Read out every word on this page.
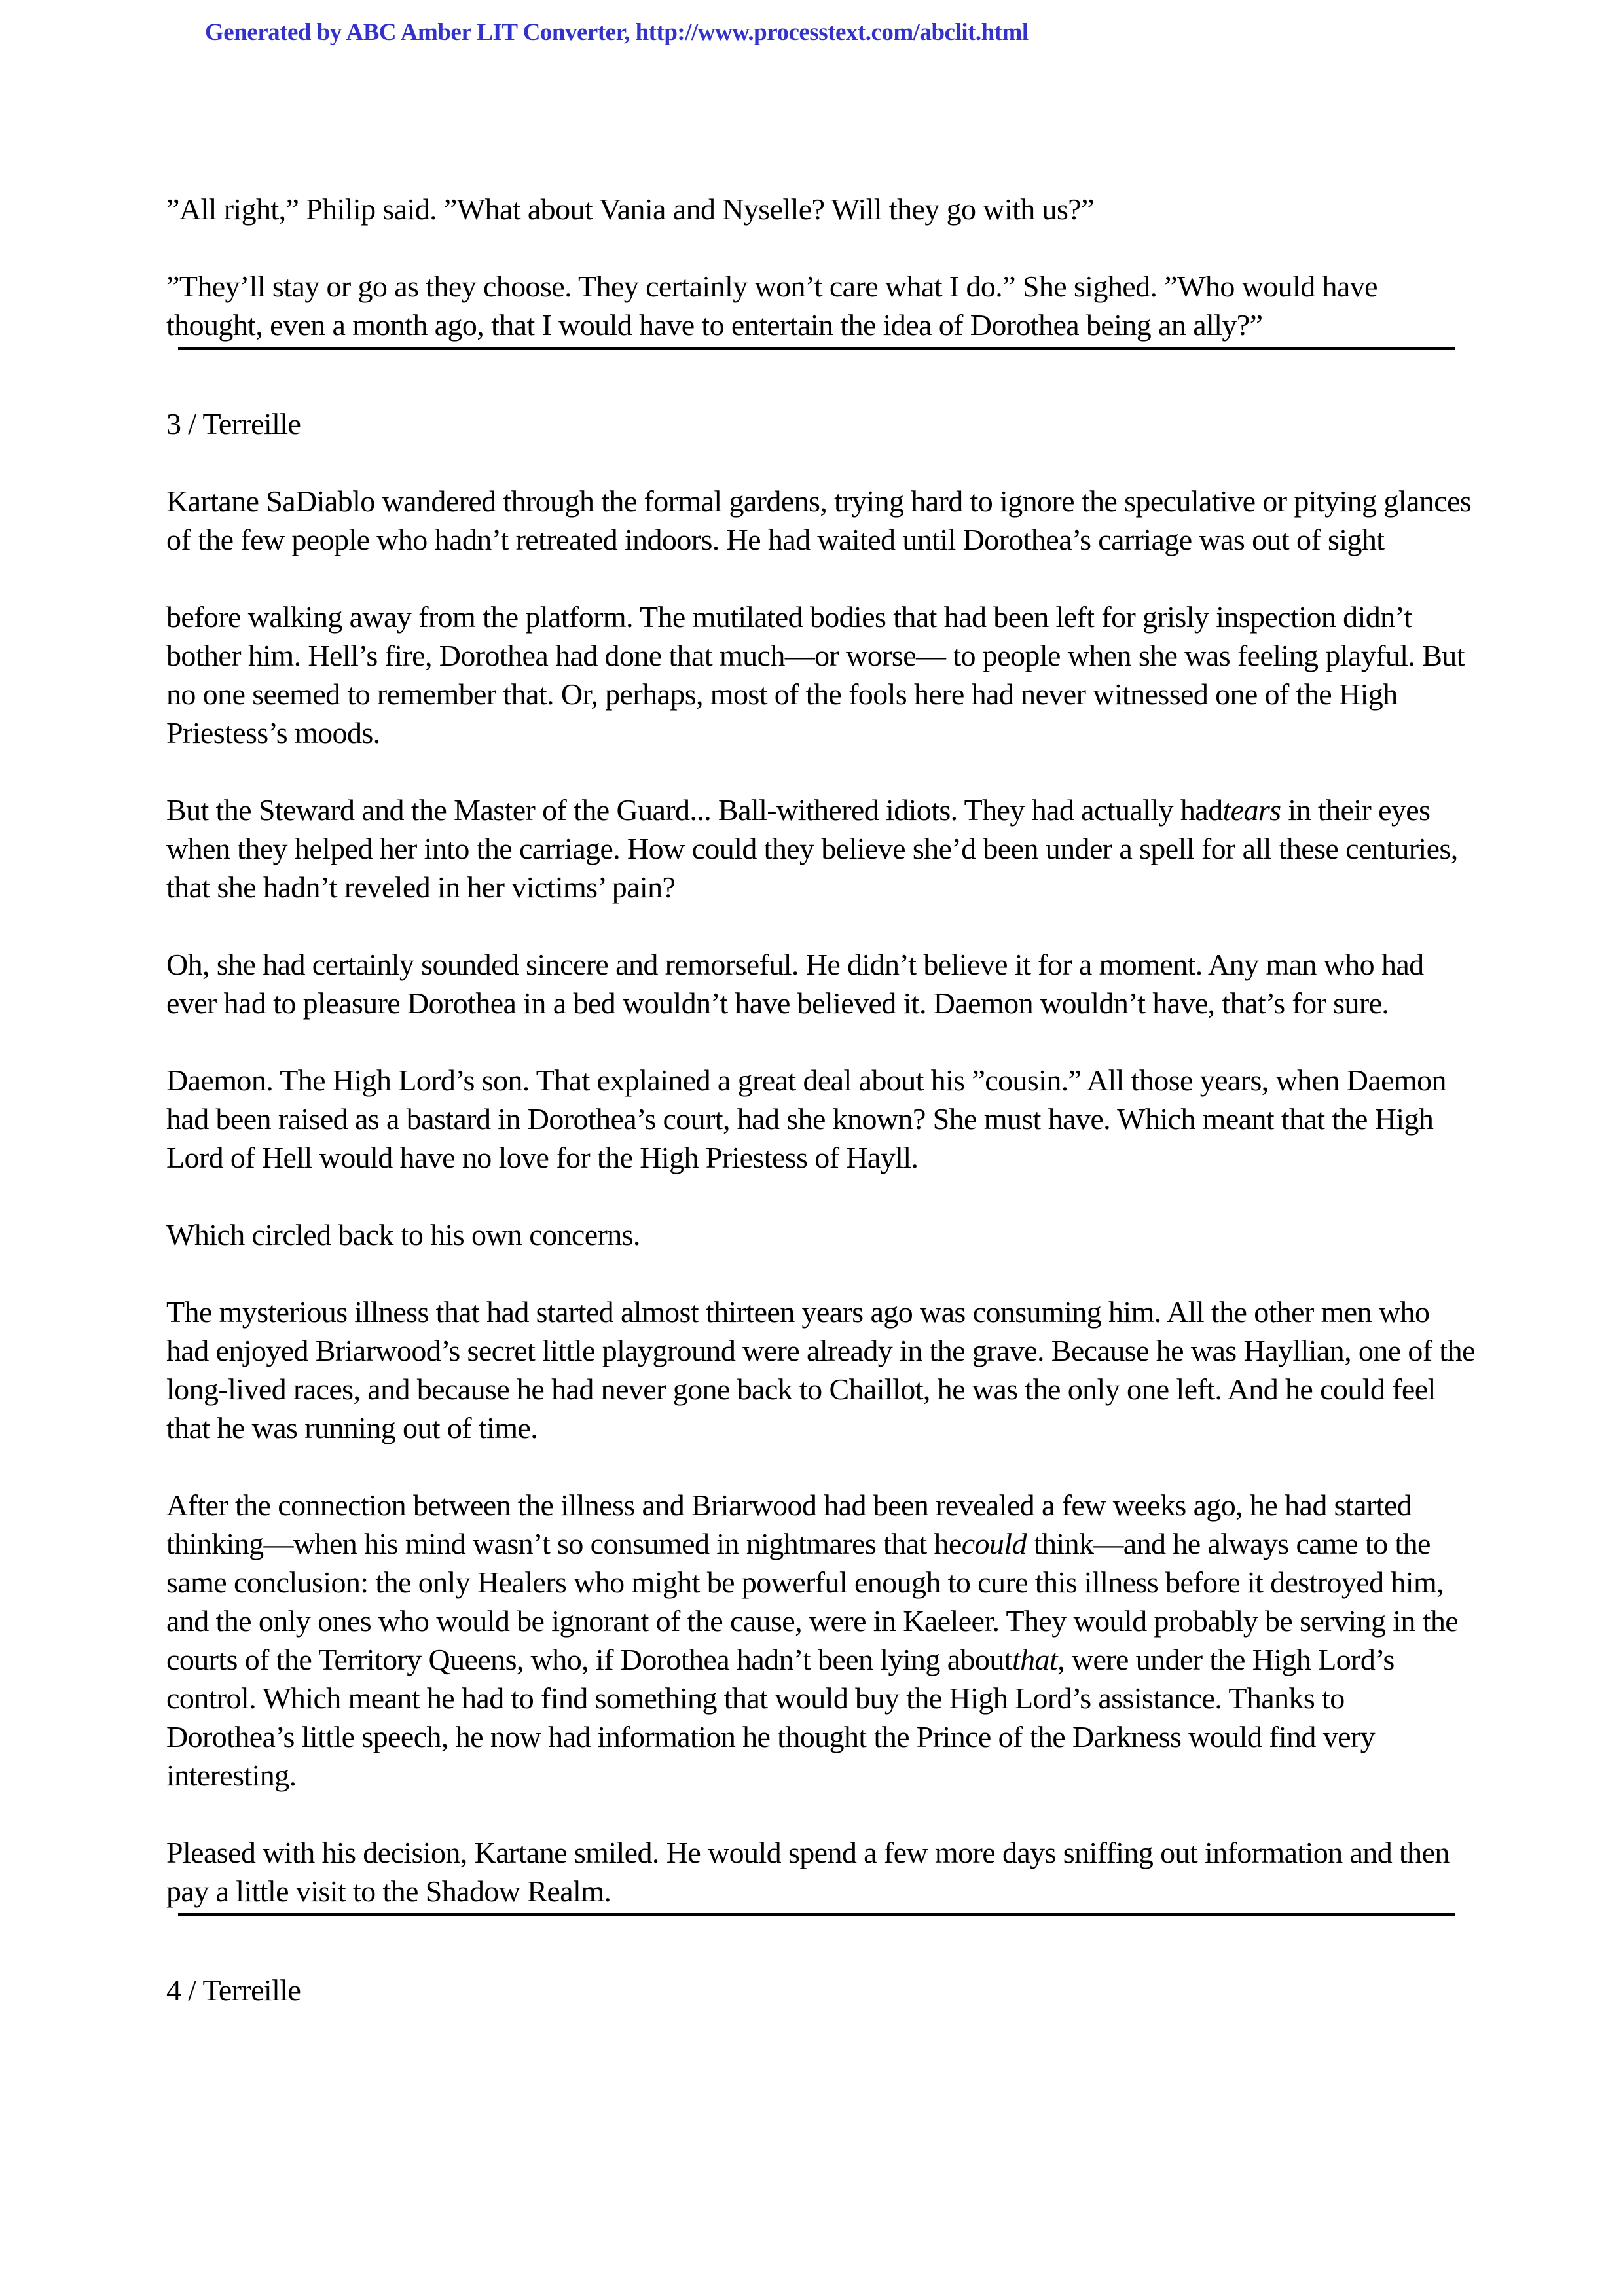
Generated by ABC Amber LIT Converter, http://www.processtext.com/abclit.html

”All right,” Philip said. ”What about Vania and Nyselle? Will they go with us?”

”They’ll stay or go as they choose. They certainly won’t care what I do.” She sighed. ”Who would have thought, even a month ago, that I would have to entertain the idea of Dorothea being an ally?”

3 / Terreille

Kartane SaDiablo wandered through the formal gardens, trying hard to ignore the speculative or pitying glances of the few people who hadn’t retreated indoors. He had waited until Dorothea’s carriage was out of sight

before walking away from the platform. The mutilated bodies that had been left for grisly inspection didn’t bother him. Hell’s fire, Dorothea had done that much—or worse— to people when she was feeling playful. But no one seemed to remember that. Or, perhaps, most of the fools here had never witnessed one of the High Priestess’s moods.

But the Steward and the Master of the Guard... Ball-withered idiots. They had actually hadtears in their eyes when they helped her into the carriage. How could they believe she’d been under a spell for all these centuries, that she hadn’t reveled in her victims’ pain?

Oh, she had certainly sounded sincere and remorseful. He didn’t believe it for a moment. Any man who had ever had to pleasure Dorothea in a bed wouldn’t have believed it. Daemon wouldn’t have, that’s for sure.

Daemon. The High Lord’s son. That explained a great deal about his ”cousin.” All those years, when Daemon had been raised as a bastard in Dorothea’s court, had she known? She must have. Which meant that the High Lord of Hell would have no love for the High Priestess of Hayll.

Which circled back to his own concerns.

The mysterious illness that had started almost thirteen years ago was consuming him. All the other men who had enjoyed Briarwood’s secret little playground were already in the grave. Because he was Hayllian, one of the long-lived races, and because he had never gone back to Chaillot, he was the only one left. And he could feel that he was running out of time.

After the connection between the illness and Briarwood had been revealed a few weeks ago, he had started thinking—when his mind wasn’t so consumed in nightmares that hecould think—and he always came to the same conclusion: the only Healers who might be powerful enough to cure this illness before it destroyed him, and the only ones who would be ignorant of the cause, were in Kaeleer. They would probably be serving in the courts of the Territory Queens, who, if Dorothea hadn’t been lying aboutthat, were under the High Lord’s control. Which meant he had to find something that would buy the High Lord’s assistance. Thanks to Dorothea’s little speech, he now had information he thought the Prince of the Darkness would find very interesting.

Pleased with his decision, Kartane smiled. He would spend a few more days sniffing out information and then pay a little visit to the Shadow Realm.

4 / Terreille
